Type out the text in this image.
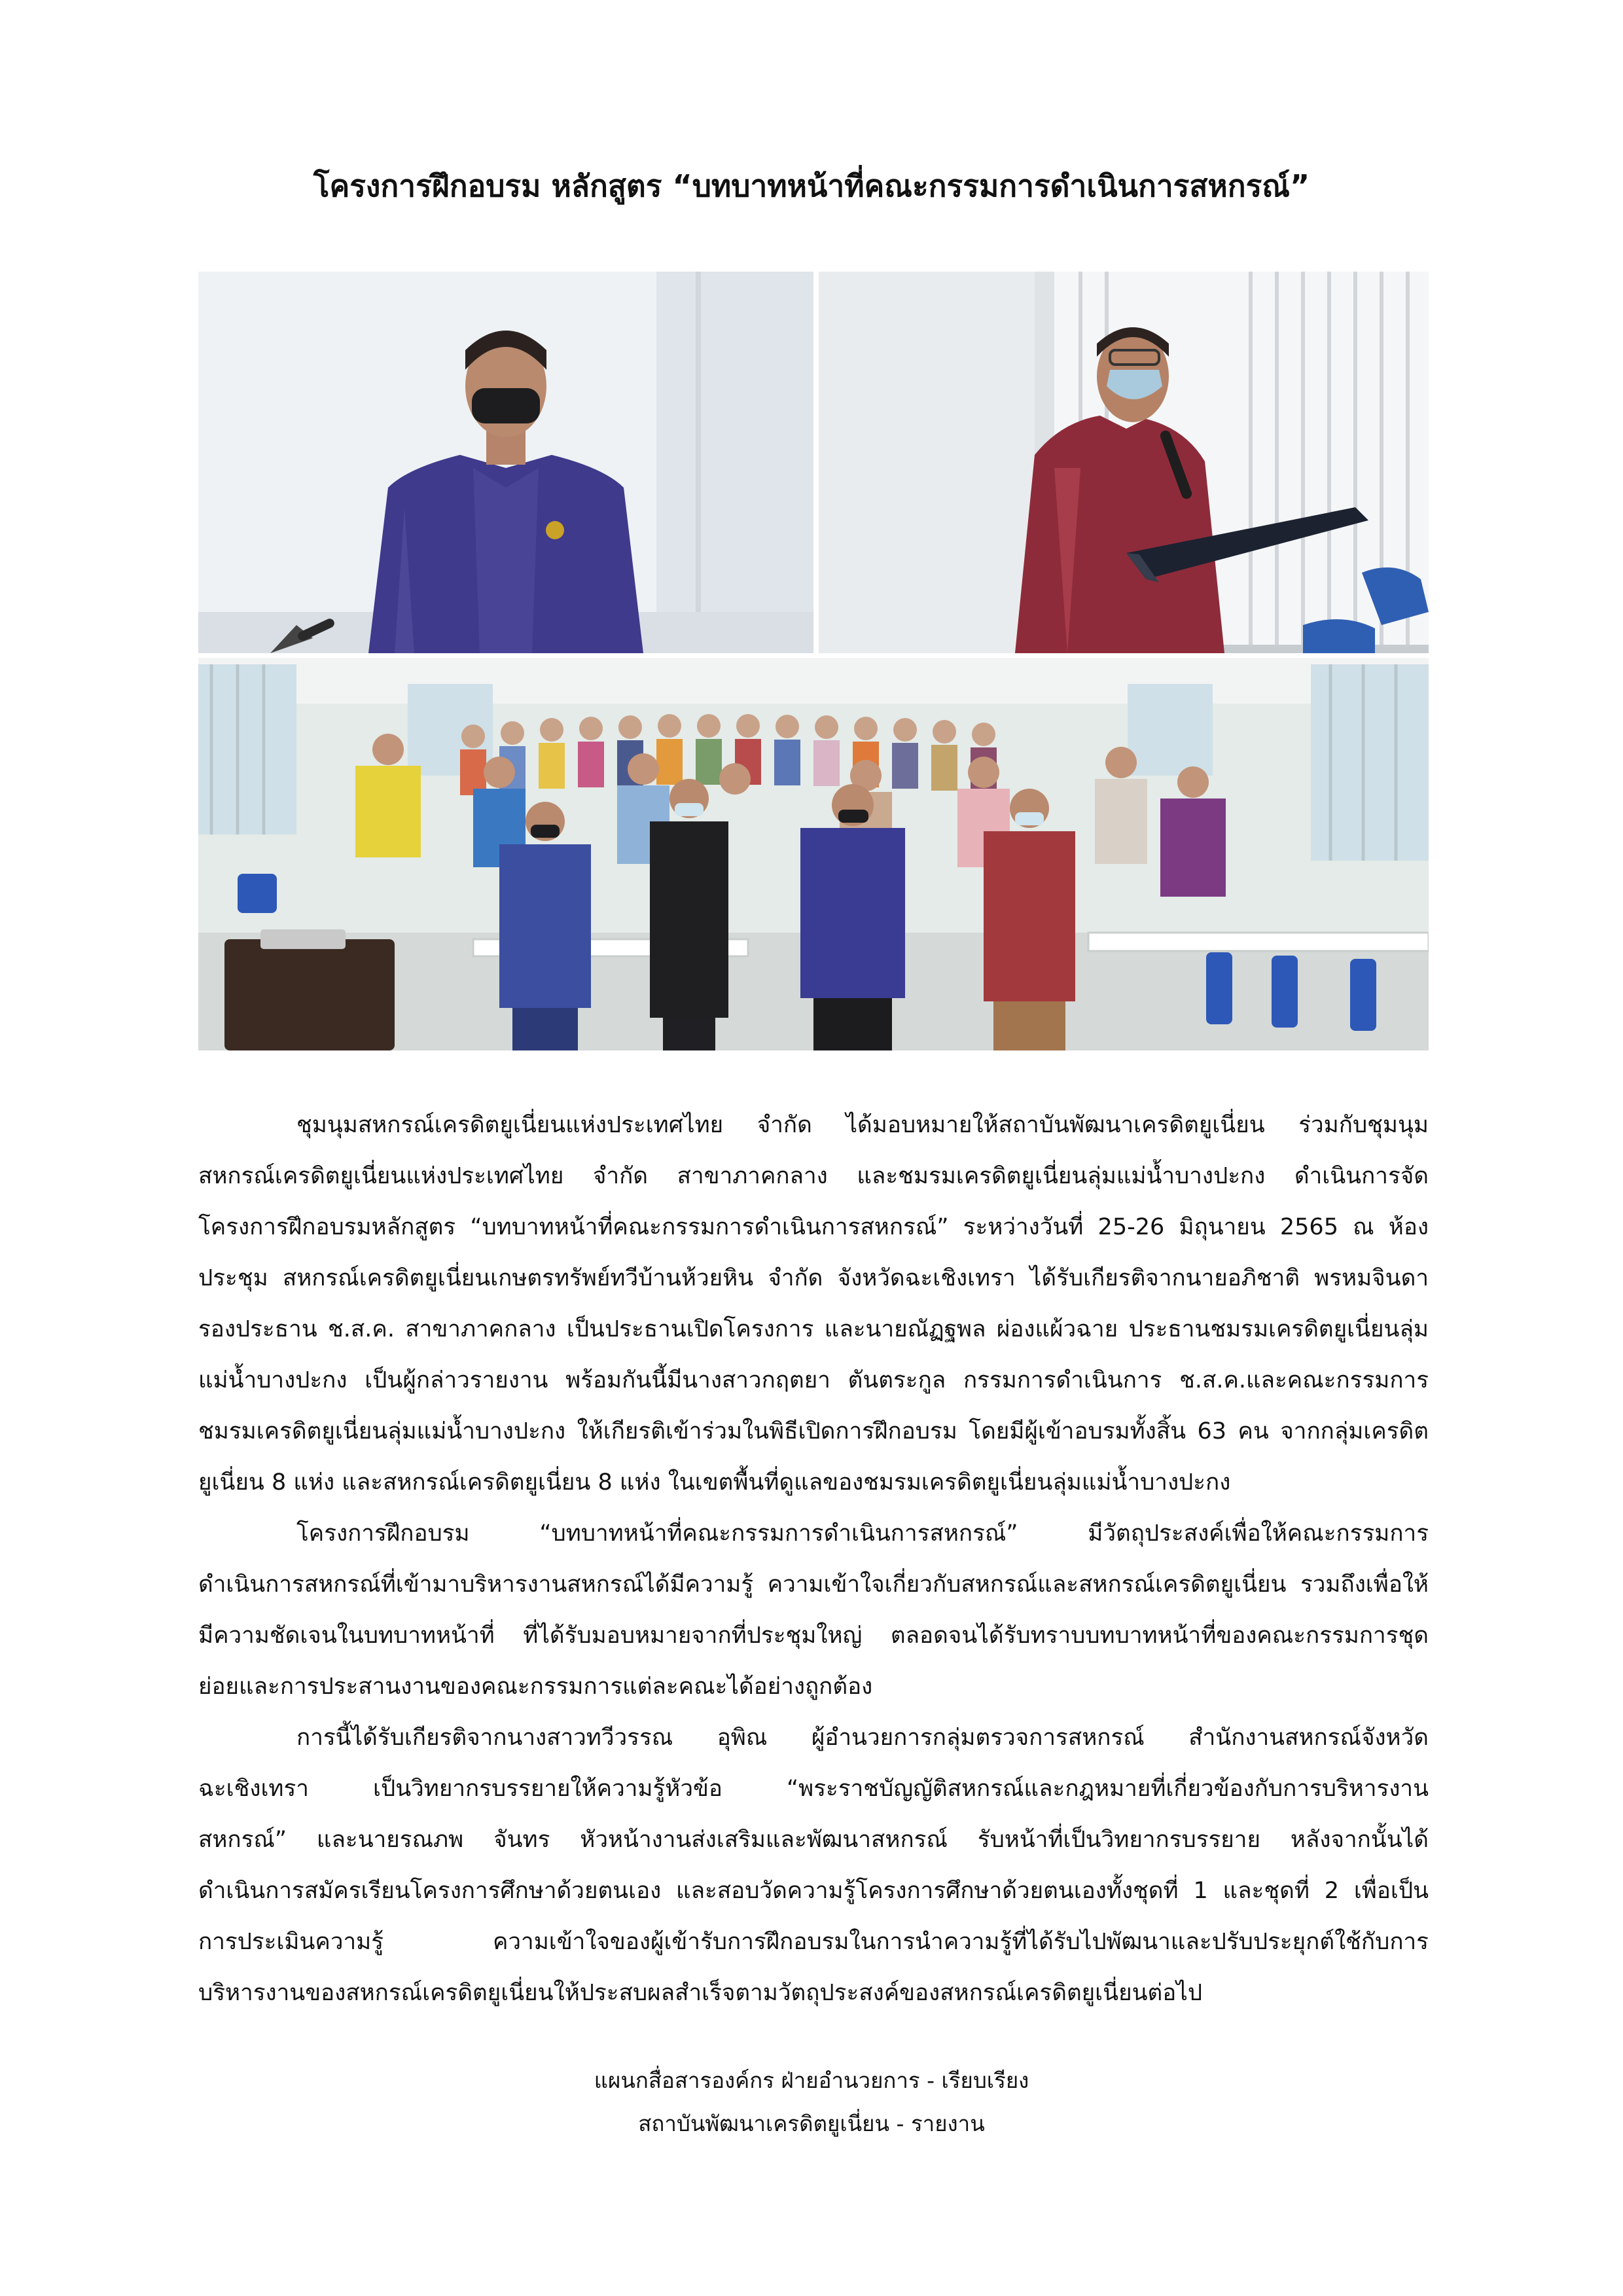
โครงการฝึกอบรม หลักสูตร “บทบาทหน้าที่คณะกรรมการดำเนินการสหกรณ์”

ชุมนุมสหกรณ์เครดิตยูเนี่ยนแห่งประเทศไทย จำกัด ได้มอบหมายให้สถาบันพัฒนาเครดิตยูเนี่ยน ร่วมกับชุมนุม
สหกรณ์เครดิตยูเนี่ยนแห่งประเทศไทย จำกัด สาขาภาคกลาง และชมรมเครดิตยูเนี่ยนลุ่มแม่น้ำบางปะกง ดำเนินการจัด
โครงการฝึกอบรมหลักสูตร “บทบาทหน้าที่คณะกรรมการดำเนินการสหกรณ์” ระหว่างวันที่ 25-26 มิถุนายน 2565 ณ ห้อง
ประชุม สหกรณ์เครดิตยูเนี่ยนเกษตรทรัพย์ทวีบ้านห้วยหิน จำกัด จังหวัดฉะเชิงเทรา ได้รับเกียรติจากนายอภิชาติ พรหมจินดา
รองประธาน ช.ส.ค. สาขาภาคกลาง เป็นประธานเปิดโครงการ และนายณัฏฐพล ผ่องแผ้วฉาย ประธานชมรมเครดิตยูเนี่ยนลุ่ม
แม่น้ำบางปะกง เป็นผู้กล่าวรายงาน พร้อมกันนี้มีนางสาวกฤตยา ตันตระกูล กรรมการดำเนินการ ช.ส.ค.และคณะกรรมการ
ชมรมเครดิตยูเนี่ยนลุ่มแม่น้ำบางปะกง ให้เกียรติเข้าร่วมในพิธีเปิดการฝึกอบรม โดยมีผู้เข้าอบรมทั้งสิ้น 63 คน จากกลุ่มเครดิต
ยูเนี่ยน 8 แห่ง และสหกรณ์เครดิตยูเนี่ยน 8 แห่ง ในเขตพื้นที่ดูแลของชมรมเครดิตยูเนี่ยนลุ่มแม่น้ำบางปะกง

โครงการฝึกอบรม “บทบาทหน้าที่คณะกรรมการดำเนินการสหกรณ์” มีวัตถุประสงค์เพื่อให้คณะกรรมการ
ดำเนินการสหกรณ์ที่เข้ามาบริหารงานสหกรณ์ได้มีความรู้ ความเข้าใจเกี่ยวกับสหกรณ์และสหกรณ์เครดิตยูเนี่ยน รวมถึงเพื่อให้
มีความชัดเจนในบทบาทหน้าที่ ที่ได้รับมอบหมายจากที่ประชุมใหญ่ ตลอดจนได้รับทราบบทบาทหน้าที่ของคณะกรรมการชุด
ย่อยและการประสานงานของคณะกรรมการแต่ละคณะได้อย่างถูกต้อง

การนี้ได้รับเกียรติจากนางสาวทวีวรรณ อุพิณ ผู้อำนวยการกลุ่มตรวจการสหกรณ์ สำนักงานสหกรณ์จังหวัด
ฉะเชิงเทรา เป็นวิทยากรบรรยายให้ความรู้หัวข้อ “พระราชบัญญัติสหกรณ์และกฎหมายที่เกี่ยวข้องกับการบริหารงาน
สหกรณ์” และนายรณภพ จันทร หัวหน้างานส่งเสริมและพัฒนาสหกรณ์ รับหน้าที่เป็นวิทยากรบรรยาย หลังจากนั้นได้
ดำเนินการสมัครเรียนโครงการศึกษาด้วยตนเอง และสอบวัดความรู้โครงการศึกษาด้วยตนเองทั้งชุดที่ 1 และชุดที่ 2 เพื่อเป็น
การประเมินความรู้ ความเข้าใจของผู้เข้ารับการฝึกอบรมในการนำความรู้ที่ได้รับไปพัฒนาและปรับประยุกต์ใช้กับการ
บริหารงานของสหกรณ์เครดิตยูเนี่ยนให้ประสบผลสำเร็จตามวัตถุประสงค์ของสหกรณ์เครดิตยูเนี่ยนต่อไป

แผนกสื่อสารองค์กร ฝ่ายอำนวยการ - เรียบเรียง
สถาบันพัฒนาเครดิตยูเนี่ยน - รายงาน
